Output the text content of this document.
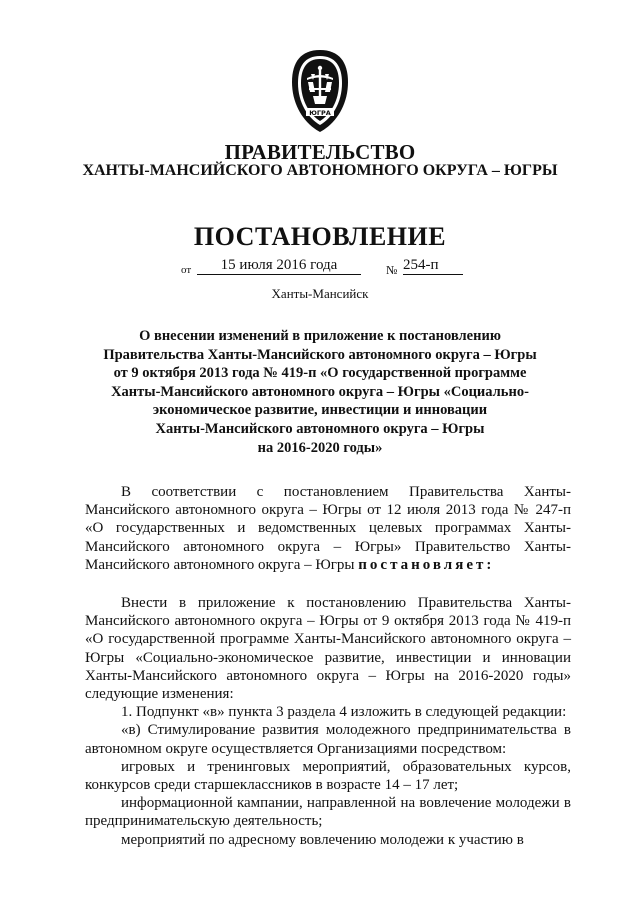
ЮГРА
ПРАВИТЕЛЬСТВО
ХАНТЫ-МАНСИЙСКОГО АВТОНОМНОГО ОКРУГА – ЮГРЫ
ПОСТАНОВЛЕНИЕ
от	15 июля 2016 года	№ 254-п
Ханты-Мансийск
О внесении изменений в приложение к постановлению
Правительства Ханты-Мансийского автономного округа – Югры
от 9 октября 2013 года № 419-п «О государственной программе
Ханты-Мансийского автономного округа – Югры «Социально-
экономическое развитие, инвестиции и инновации
Ханты-Мансийского автономного округа – Югры
на 2016-2020 годы»

В соответствии с постановлением Правительства Ханты-Мансийского автономного округа – Югры от 12 июля 2013 года № 247-п «О государственных и ведомственных целевых программах Ханты-Мансийского автономного округа – Югры» Правительство Ханты-Мансийского автономного округа – Югры постановляет:

Внести в приложение к постановлению Правительства Ханты-Мансийского автономного округа – Югры от 9 октября 2013 года № 419-п «О государственной программе Ханты-Мансийского автономного округа – Югры «Социально-экономическое развитие, инвестиции и инновации Ханты-Мансийского автономного округа – Югры на 2016-2020 годы» следующие изменения:

1. Подпункт «в» пункта 3 раздела 4 изложить в следующей редакции:

«в) Стимулирование развития молодежного предпринимательства в автономном округе осуществляется Организациями посредством:

игровых и тренинговых мероприятий, образовательных курсов, конкурсов среди старшеклассников в возрасте 14 – 17 лет;

информационной кампании, направленной на вовлечение молодежи в предпринимательскую деятельность;

мероприятий по адресному вовлечению молодежи к участию в
